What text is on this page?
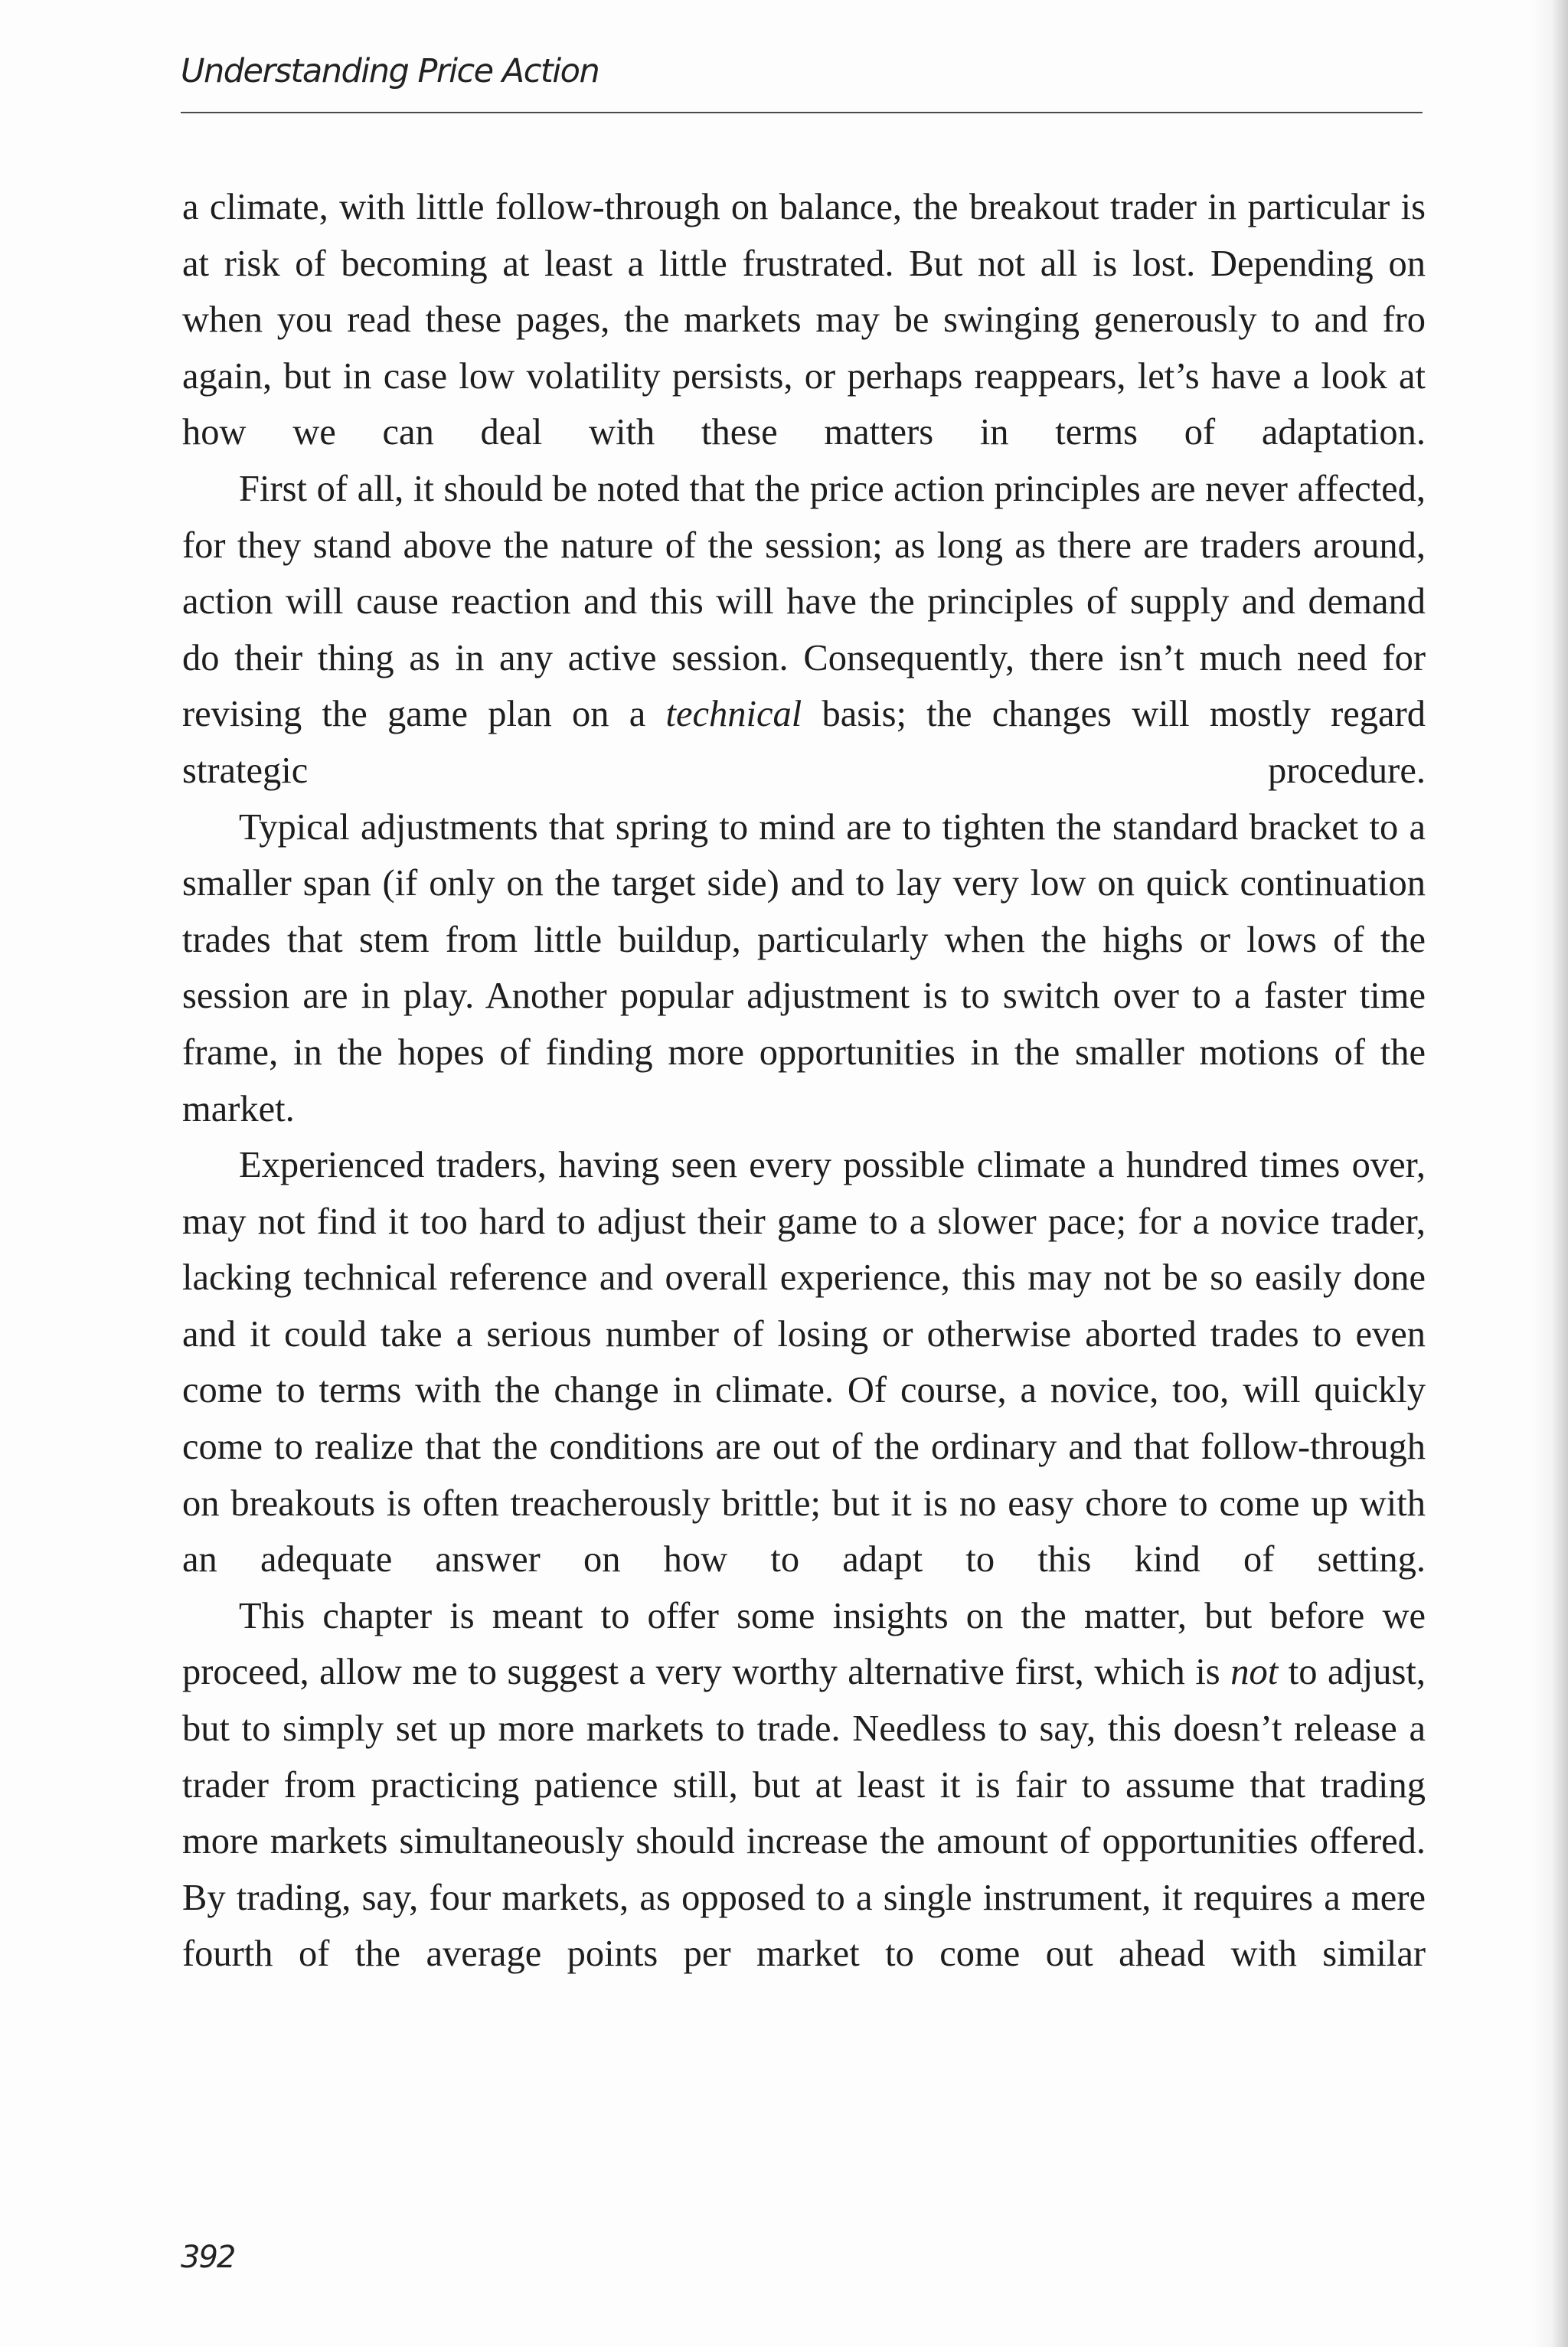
Understanding Price Action

a climate, with little follow-through on balance, the breakout trader in particular is at risk of becoming at least a little frustrated. But not all is lost. Depending on when you read these pages, the markets may be swinging generously to and fro again, but in case low volatility persists, or perhaps reappears, let’s have a look at how we can deal with these matters in terms of adaptation.

First of all, it should be noted that the price action principles are never affected, for they stand above the nature of the session; as long as there are traders around, action will cause reaction and this will have the principles of supply and demand do their thing as in any active session. Consequently, there isn’t much need for revising the game plan on a technical basis; the changes will mostly regard strategic procedure.

Typical adjustments that spring to mind are to tighten the standard bracket to a smaller span (if only on the target side) and to lay very low on quick continuation trades that stem from little buildup, particularly when the highs or lows of the session are in play. Another popular adjustment is to switch over to a faster time frame, in the hopes of finding more opportunities in the smaller motions of the market.

Experienced traders, having seen every possible climate a hundred times over, may not find it too hard to adjust their game to a slower pace; for a novice trader, lacking technical reference and overall experience, this may not be so easily done and it could take a serious number of losing or otherwise aborted trades to even come to terms with the change in climate. Of course, a novice, too, will quickly come to realize that the conditions are out of the ordinary and that follow-through on breakouts is often treacherously brittle; but it is no easy chore to come up with an adequate answer on how to adapt to this kind of setting.

This chapter is meant to offer some insights on the matter, but before we proceed, allow me to suggest a very worthy alternative first, which is not to adjust, but to simply set up more markets to trade. Needless to say, this doesn’t release a trader from practicing patience still, but at least it is fair to assume that trading more markets simultaneously should increase the amount of opportunities offered. By trading, say, four markets, as opposed to a single instrument, it requires a mere fourth of the average points per market to come out ahead with similar

392
